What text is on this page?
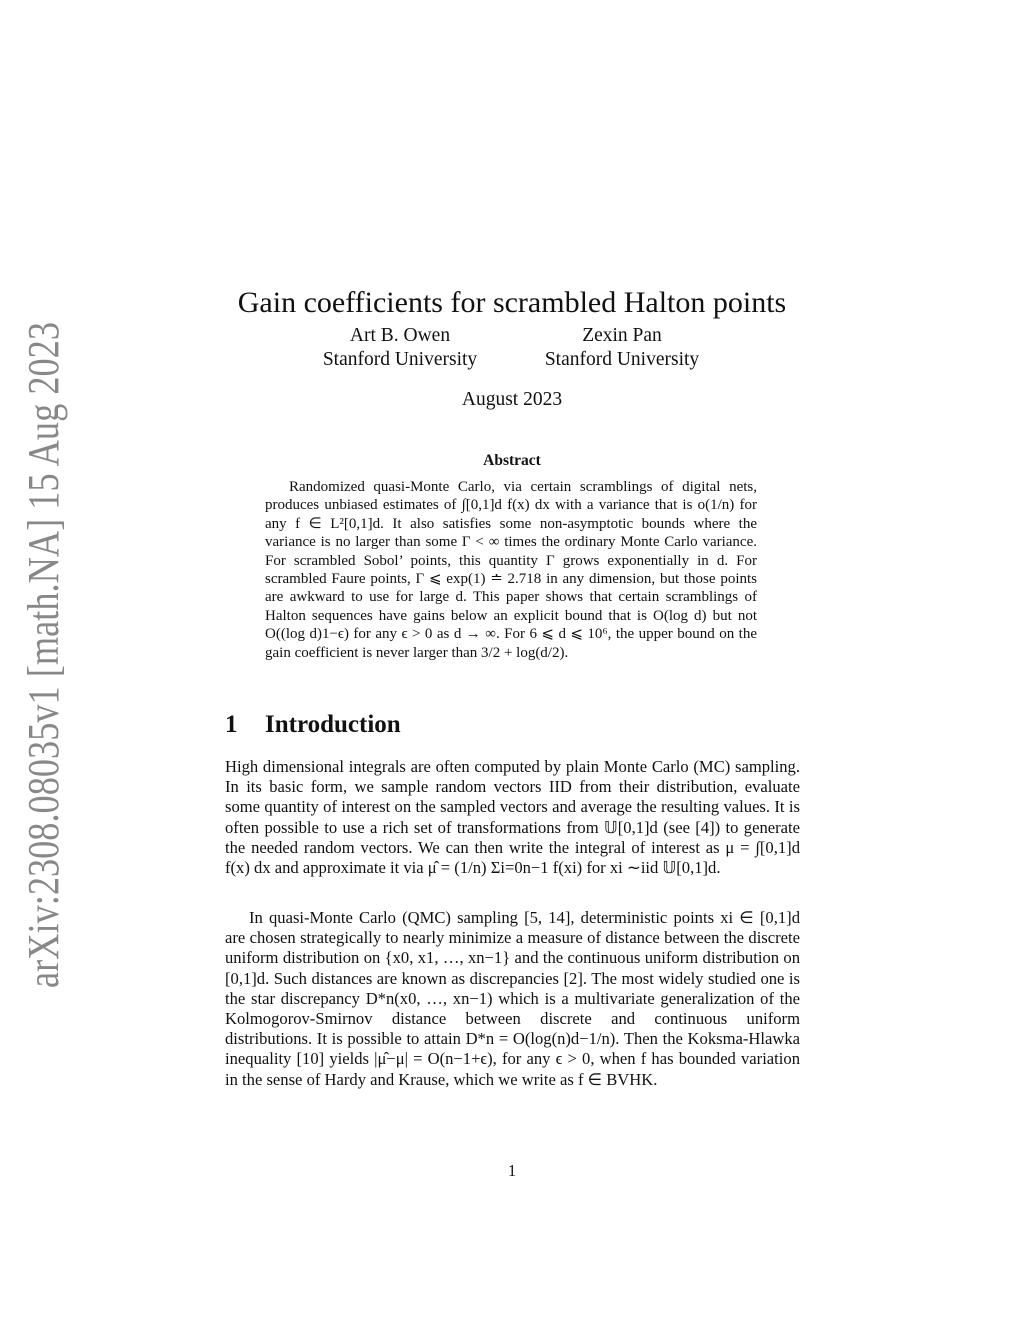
arXiv:2308.08035v1 [math.NA] 15 Aug 2023	Gain coefficients for scrambled Halton points
Art B. Owen
Stanford University
Zexin Pan
Stanford University
August 2023
Abstract

Randomized quasi-Monte Carlo, via certain scramblings of digital nets, produces unbiased estimates of ∫[0,1]d f(x) dx with a variance that is o(1/n) for any f ∈ L²[0,1]d. It also satisfies some non-asymptotic bounds where the variance is no larger than some Γ < ∞ times the ordinary Monte Carlo variance. For scrambled Sobol’ points, this quantity Γ grows exponentially in d. For scrambled Faure points, Γ ⩽ exp(1) ≐ 2.718 in any dimension, but those points are awkward to use for large d. This paper shows that certain scramblings of Halton sequences have gains below an explicit bound that is O(log d) but not O((log d)1−ϵ) for any ϵ > 0 as d → ∞. For 6 ⩽ d ⩽ 10⁶, the upper bound on the gain coefficient is never larger than 3/2 + log(d/2).

1 Introduction

High dimensional integrals are often computed by plain Monte Carlo (MC) sampling. In its basic form, we sample random vectors IID from their distribution, evaluate some quantity of interest on the sampled vectors and average the resulting values. It is often possible to use a rich set of transformations from 𝕌[0,1]d (see [4]) to generate the needed random vectors. We can then write the integral of interest as μ = ∫[0,1]d f(x) dx and approximate it via μ̂ = (1/n) Σi=0n−1 f(xi) for xi ∼iid 𝕌[0,1]d.

In quasi-Monte Carlo (QMC) sampling [5, 14], deterministic points xi ∈ [0,1]d are chosen strategically to nearly minimize a measure of distance between the discrete uniform distribution on {x0, x1, …, xn−1} and the continuous uniform distribution on [0,1]d. Such distances are known as discrepancies [2]. The most widely studied one is the star discrepancy D*n(x0, …, xn−1) which is a multivariate generalization of the Kolmogorov-Smirnov distance between discrete and continuous uniform distributions. It is possible to attain D*n = O(log(n)d−1/n). Then the Koksma-Hlawka inequality [10] yields |μ̂−μ| = O(n−1+ϵ), for any ϵ > 0, when f has bounded variation in the sense of Hardy and Krause, which we write as f ∈ BVHK.

1
